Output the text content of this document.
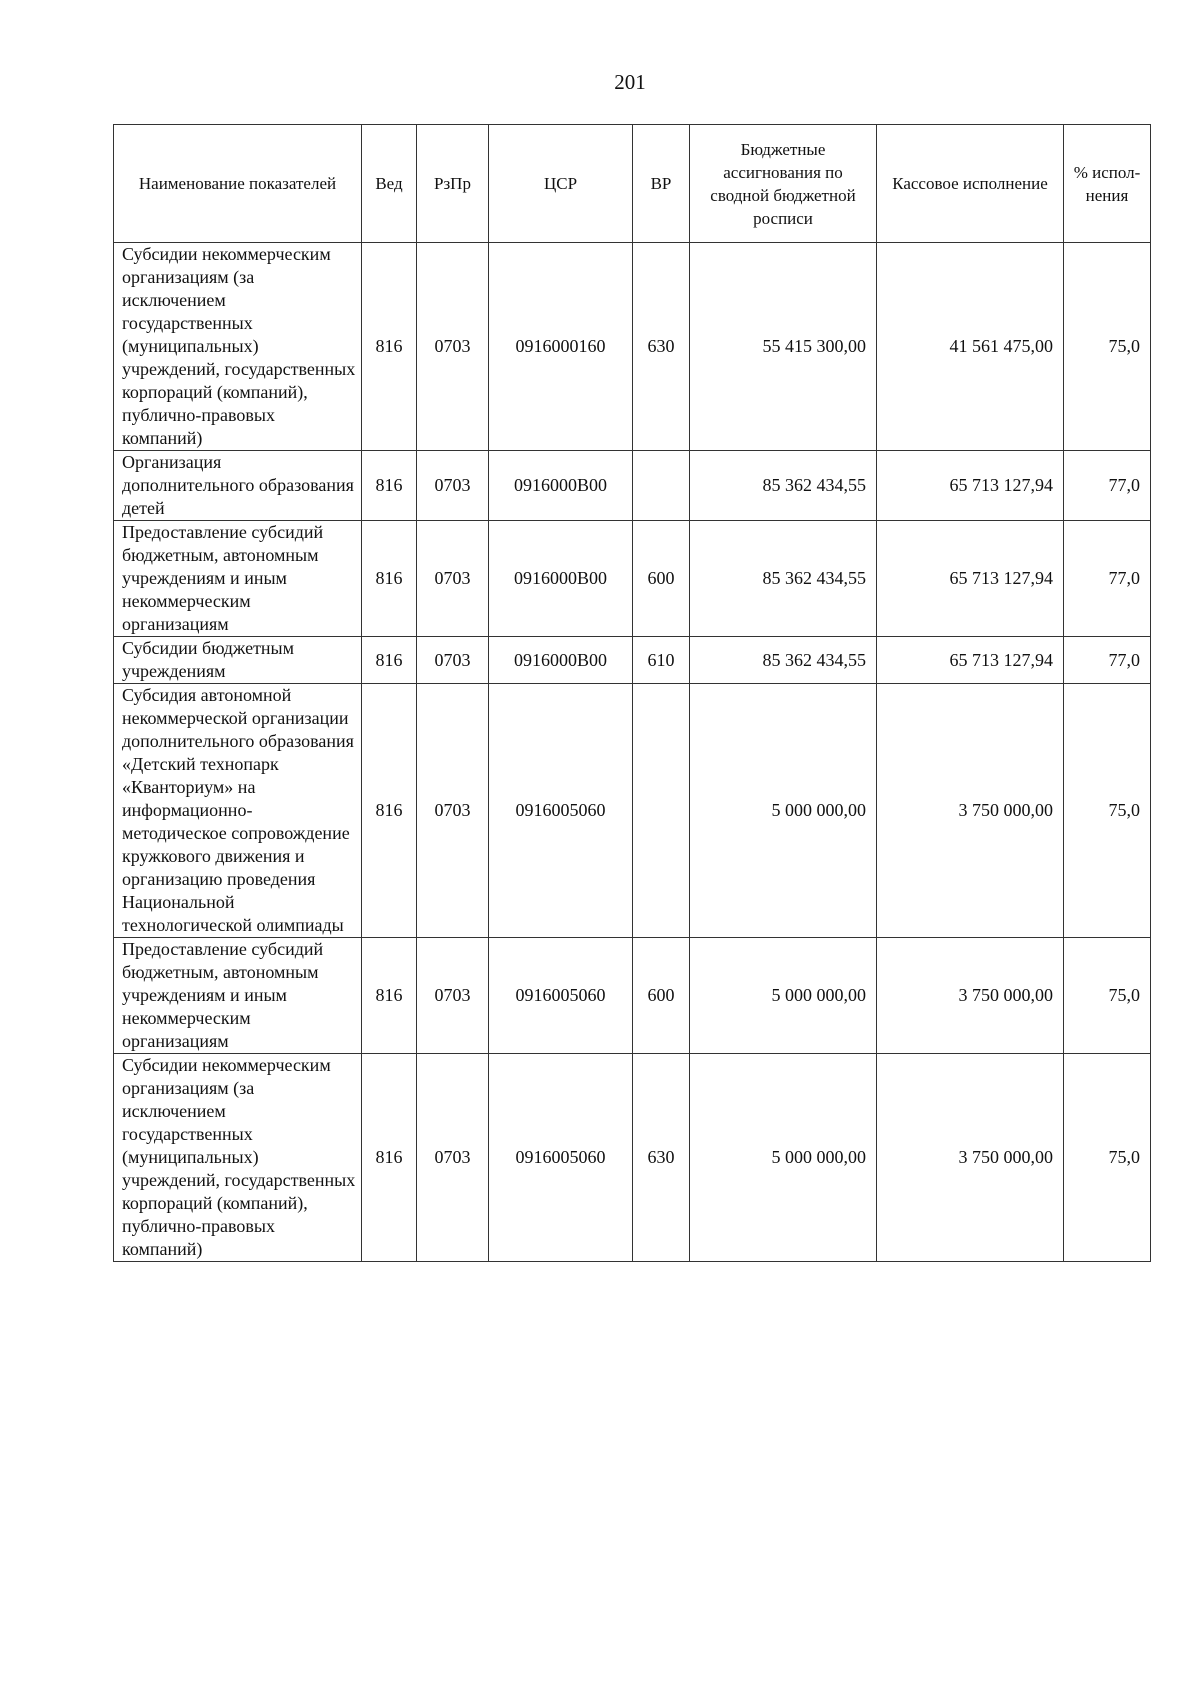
201
Наименование показателей	Вед	РзПр	ЦСР	ВР	Бюджетные ассигнования по сводной бюджетной росписи	Кассовое исполнение	% испол-нения
Субсидии некоммерческим организациям (за исключением государственных (муниципальных) учреждений, государственных корпораций (компаний), публично-правовых компаний)	816	0703	0916000160	630	55 415 300,00	41 561 475,00	75,0
Организация дополнительного образования детей	816	0703	0916000В00		85 362 434,55	65 713 127,94	77,0
Предоставление субсидий бюджетным, автономным учреждениям и иным некоммерческим организациям	816	0703	0916000В00	600	85 362 434,55	65 713 127,94	77,0
Субсидии бюджетным учреждениям	816	0703	0916000В00	610	85 362 434,55	65 713 127,94	77,0
Субсидия автономной некоммерческой организации дополнительного образования «Детский технопарк «Кванториум» на информационно-методическое сопровождение кружкового движения и организацию проведения Национальной технологической олимпиады	816	0703	0916005060		5 000 000,00	3 750 000,00	75,0
Предоставление субсидий бюджетным, автономным учреждениям и иным некоммерческим организациям	816	0703	0916005060	600	5 000 000,00	3 750 000,00	75,0
Субсидии некоммерческим организациям (за исключением государственных (муниципальных) учреждений, государственных корпораций (компаний), публично-правовых компаний)	816	0703	0916005060	630	5 000 000,00	3 750 000,00	75,0
